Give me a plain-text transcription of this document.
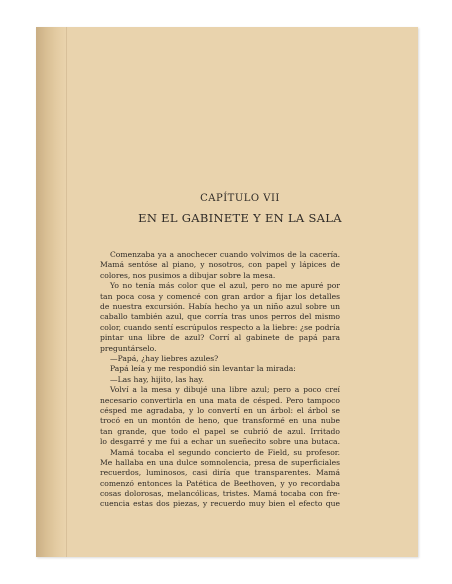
CAPÍTULO VII
EN EL GABINETE Y EN LA SALA
Comenzaba ya a anochecer cuando volvimos de la cacería.
Mamá sentóse al piano, y nosotros, con papel y lápices de
colores, nos pusimos a dibujar sobre la mesa.
Yo no tenía más color que el azul, pero no me apuré por
tan poca cosa y comencé con gran ardor a fijar los detalles
de nuestra excursión. Había hecho ya un niño azul sobre un
caballo también azul, que corría tras unos perros del mismo
color, cuando sentí escrúpulos respecto a la liebre: ¿se podría
pintar una libre de azul? Corrí al gabinete de papá para
preguntárselo.
—Papá, ¿hay liebres azules?
Papá leía y me respondió sin levantar la mirada:
—Las hay, hijito, las hay.
Volví a la mesa y dibujé una libre azul; pero a poco creí
necesario convertirla en una mata de césped. Pero tampoco
césped me agradaba, y lo convertí en un árbol: el árbol se
trocó en un montón de heno, que transformé en una nube
tan grande, que todo el papel se cubrió de azul. Irritado
lo desgarré y me fui a echar un sueñecito sobre una butaca.
Mamá tocaba el segundo concierto de Field, su profesor.
Me hallaba en una dulce somnolencia, presa de superficiales
recuerdos, luminosos, casi diría que transparentes. Mamá
comenzó entonces la Patética de Beethoven, y yo recordaba
cosas dolorosas, melancólicas, tristes. Mamá tocaba con fre-
cuencia estas dos piezas, y recuerdo muy bien el efecto que
